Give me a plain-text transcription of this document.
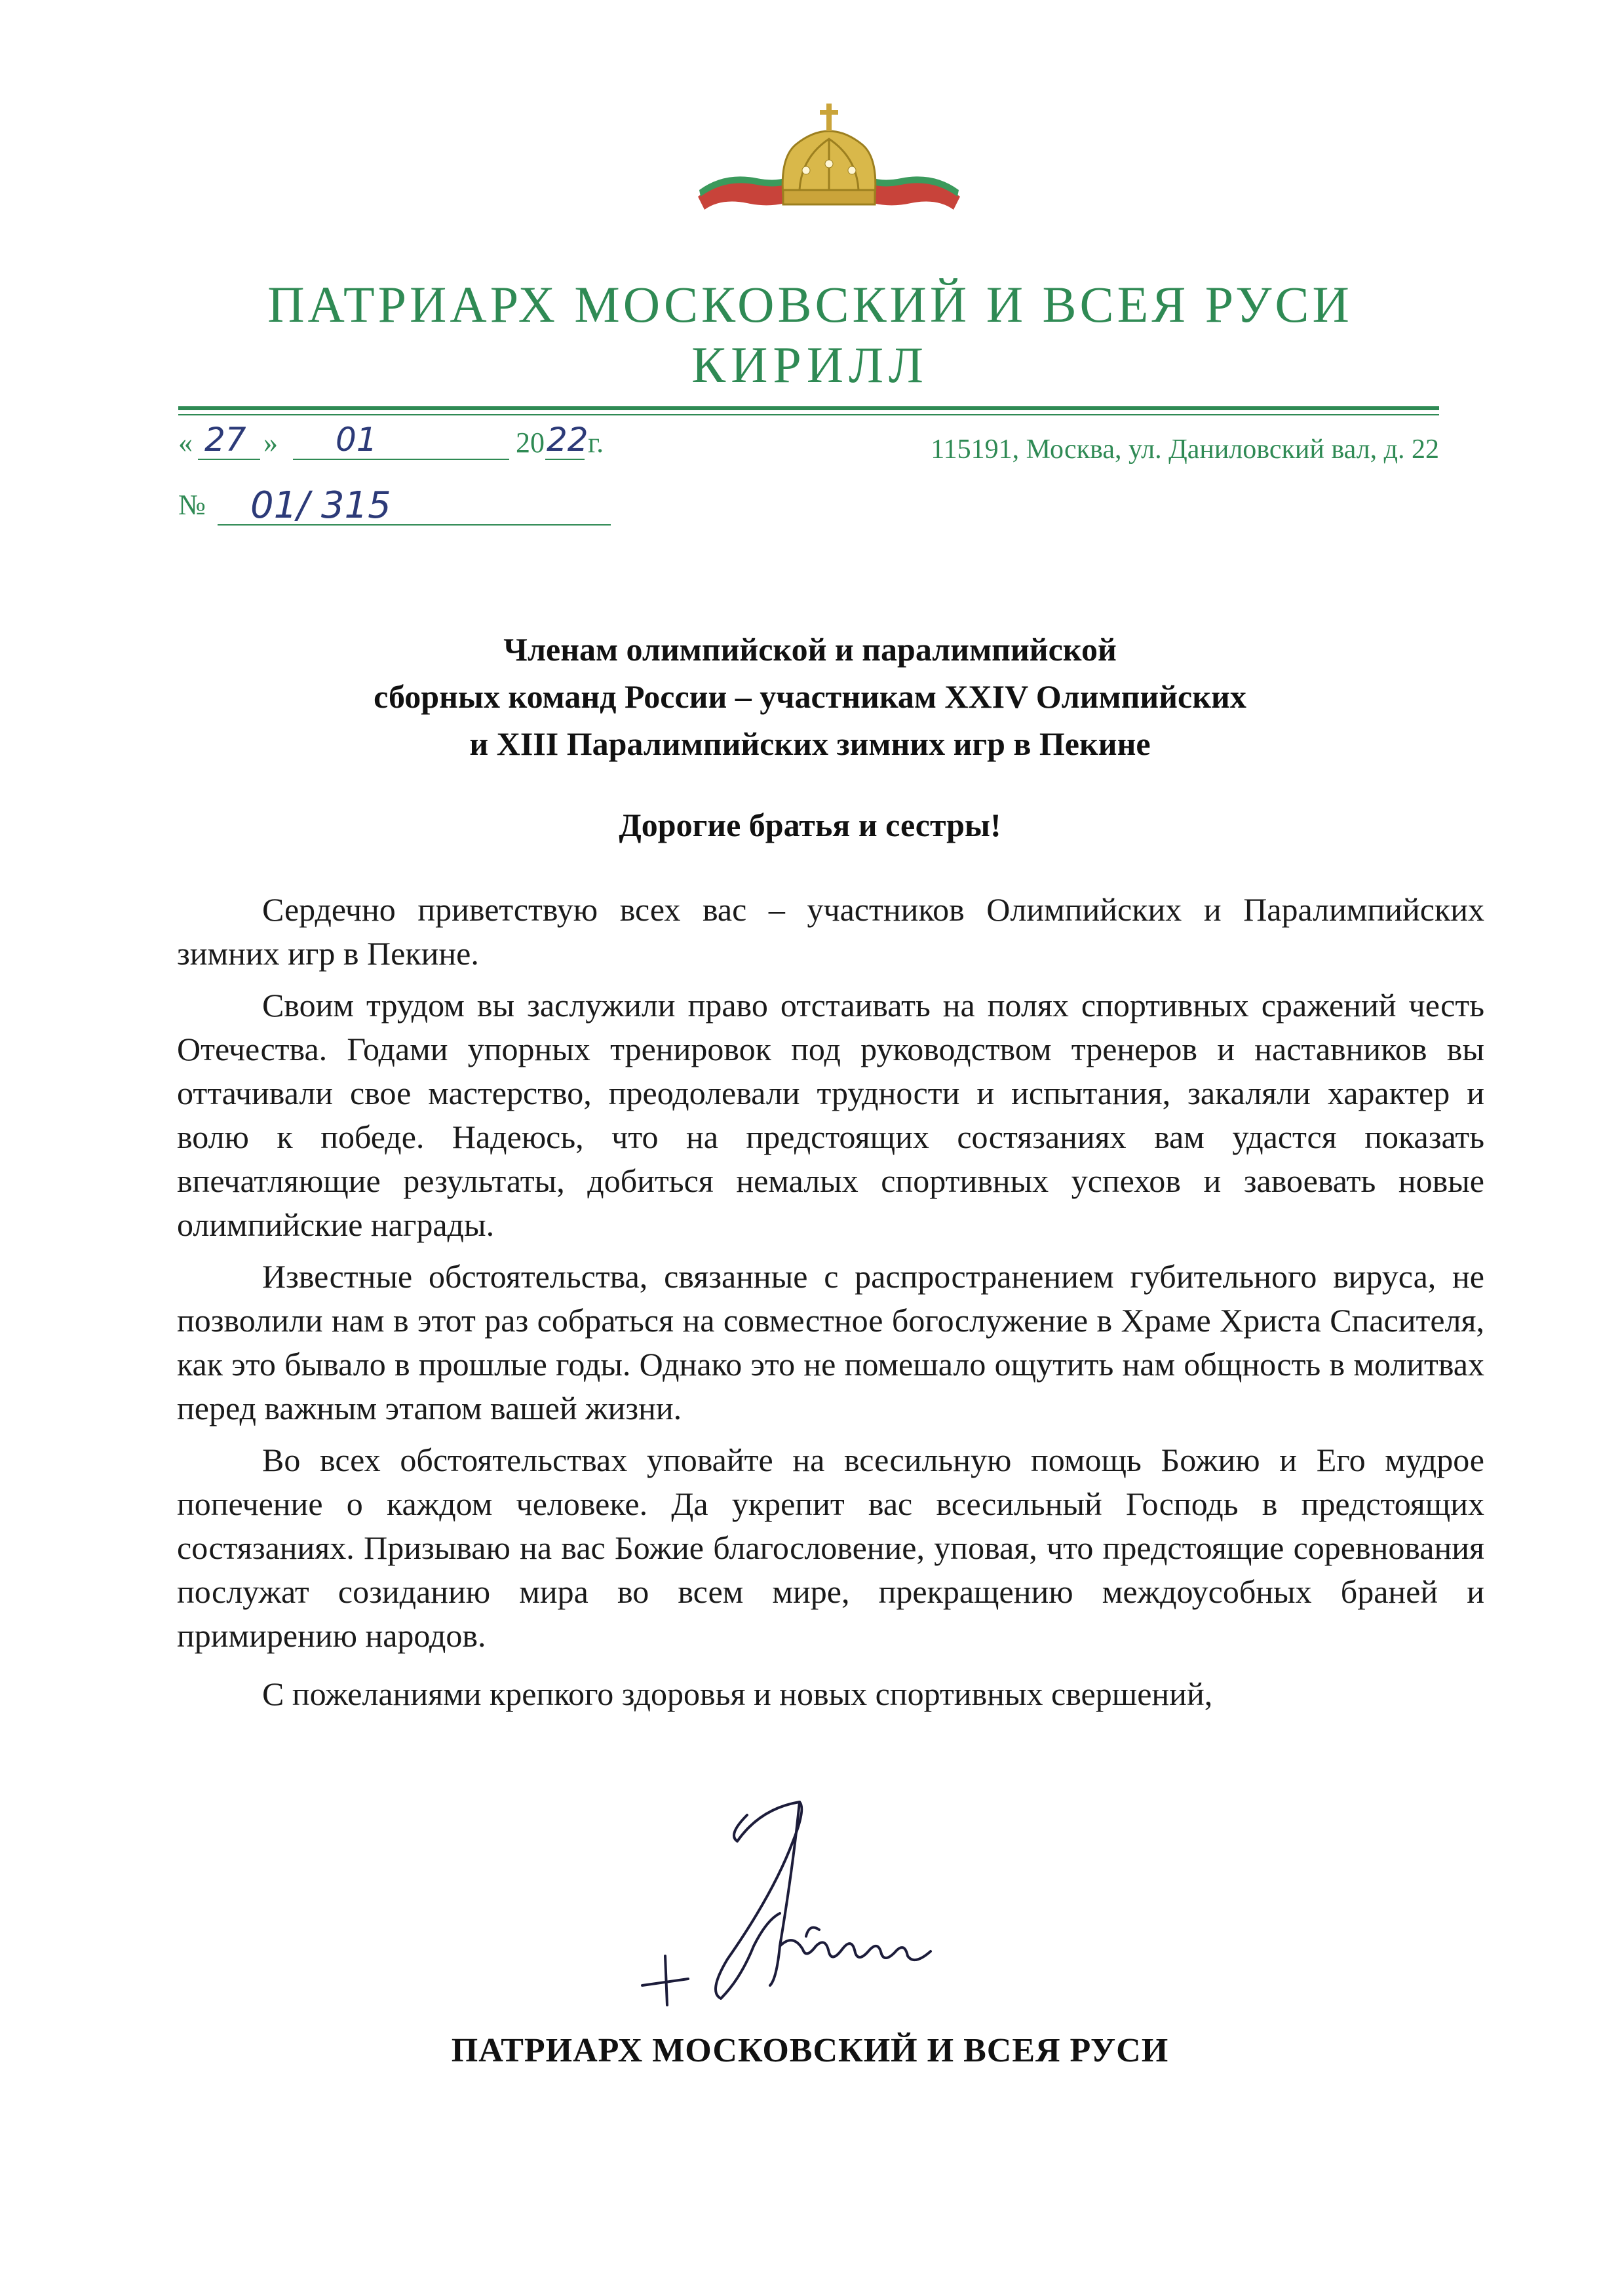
ПАТРИАРХ МОСКОВСКИЙ И ВСЕЯ РУСИ
КИРИЛЛ
« 27 » 01	20 22 г.	115191, Москва, ул. Даниловский вал, д. 22
№ 01/ 315
Членам олимпийской и паралимпийской
сборных команд России – участникам XXIV Олимпийских
и XIII Паралимпийских зимних игр в Пекине
Дорогие братья и сестры!

Сердечно приветствую всех вас – участников Олимпийских и Паралимпийских зимних игр в Пекине.

Своим трудом вы заслужили право отстаивать на полях спортивных сражений честь Отечества. Годами упорных тренировок под руководством тренеров и наставников вы оттачивали свое мастерство, преодолевали трудности и испытания, закаляли характер и волю к победе. Надеюсь, что на предстоящих состязаниях вам удастся показать впечатляющие результаты, добиться немалых спортивных успехов и завоевать новые олимпийские награды.

Известные обстоятельства, связанные с распространением губительного вируса, не позволили нам в этот раз собраться на совместное богослужение в Храме Христа Спасителя, как это бывало в прошлые годы. Однако это не помешало ощутить нам общность в молитвах перед важным этапом вашей жизни.

Во всех обстоятельствах уповайте на всесильную помощь Божию и Его мудрое попечение о каждом человеке. Да укрепит вас всесильный Господь в предстоящих состязаниях. Призываю на вас Божие благословение, уповая, что предстоящие соревнования послужат созиданию мира во всем мире, прекращению междоусобных браней и примирению народов.

С пожеланиями крепкого здоровья и новых спортивных свершений,

ПАТРИАРХ МОСКОВСКИЙ И ВСЕЯ РУСИ
